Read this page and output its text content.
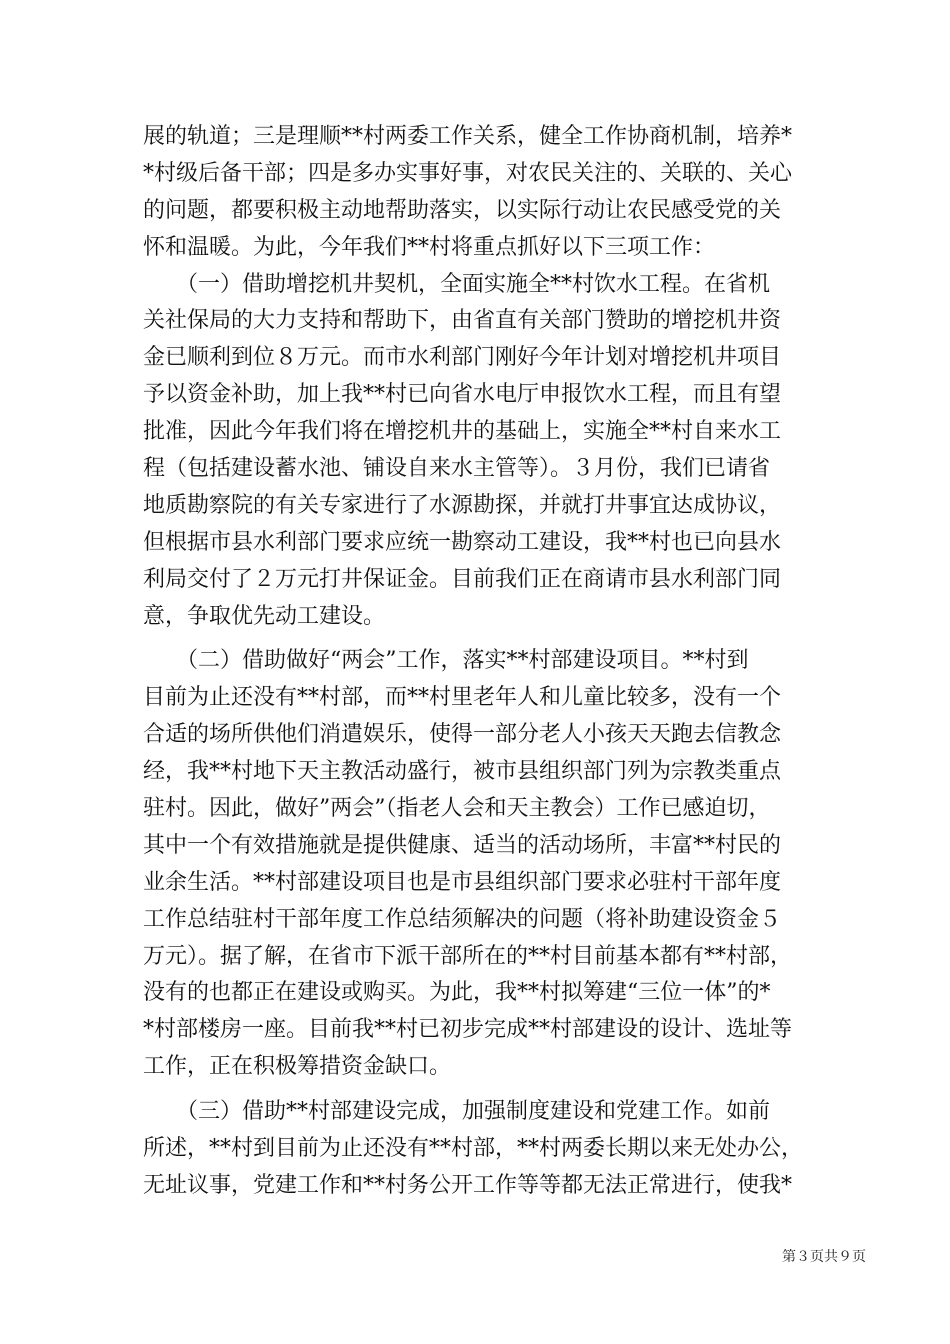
展的轨道；三是理顺**村两委工作关系，健全工作协商机制，培养*
*村级后备干部；四是多办实事好事，对农民关注的、关联的、关心
的问题，都要积极主动地帮助落实，以实际行动让农民感受党的关
怀和温暖。为此，今年我们**村将重点抓好以下三项工作：
　　（一）借助增挖机井契机，全面实施全**村饮水工程。在省机
关社保局的大力支持和帮助下，由省直有关部门赞助的增挖机井资
金已顺利到位８万元。而市水利部门刚好今年计划对增挖机井项目
予以资金补助，加上我**村已向省水电厅申报饮水工程，而且有望
批准，因此今年我们将在增挖机井的基础上，实施全**村自来水工
程（包括建设蓄水池、铺设自来水主管等）。３月份，我们已请省
地质勘察院的有关专家进行了水源勘探，并就打井事宜达成协议，
但根据市县水利部门要求应统一勘察动工建设，我**村也已向县水
利局交付了２万元打井保证金。目前我们正在商请市县水利部门同
意，争取优先动工建设。
　　（二）借助做好“两会”工作，落实**村部建设项目。**村到
目前为止还没有**村部，而**村里老年人和儿童比较多，没有一个
合适的场所供他们消遣娱乐，使得一部分老人小孩天天跑去信教念
经，我**村地下天主教活动盛行，被市县组织部门列为宗教类重点
驻村。因此，做好”两会”（指老人会和天主教会）工作已感迫切，
其中一个有效措施就是提供健康、适当的活动场所，丰富**村民的
业余生活。**村部建设项目也是市县组织部门要求必驻村干部年度
工作总结驻村干部年度工作总结须解决的问题（将补助建设资金５
万元）。据了解，在省市下派干部所在的**村目前基本都有**村部，
没有的也都正在建设或购买。为此，我**村拟筹建“三位一体”的*
*村部楼房一座。目前我**村已初步完成**村部建设的设计、选址等
工作，正在积极筹措资金缺口。
　　（三）借助**村部建设完成，加强制度建设和党建工作。如前
所述，**村到目前为止还没有**村部，**村两委长期以来无处办公，
无址议事，党建工作和**村务公开工作等等都无法正常进行，使我*
第３页共９页
